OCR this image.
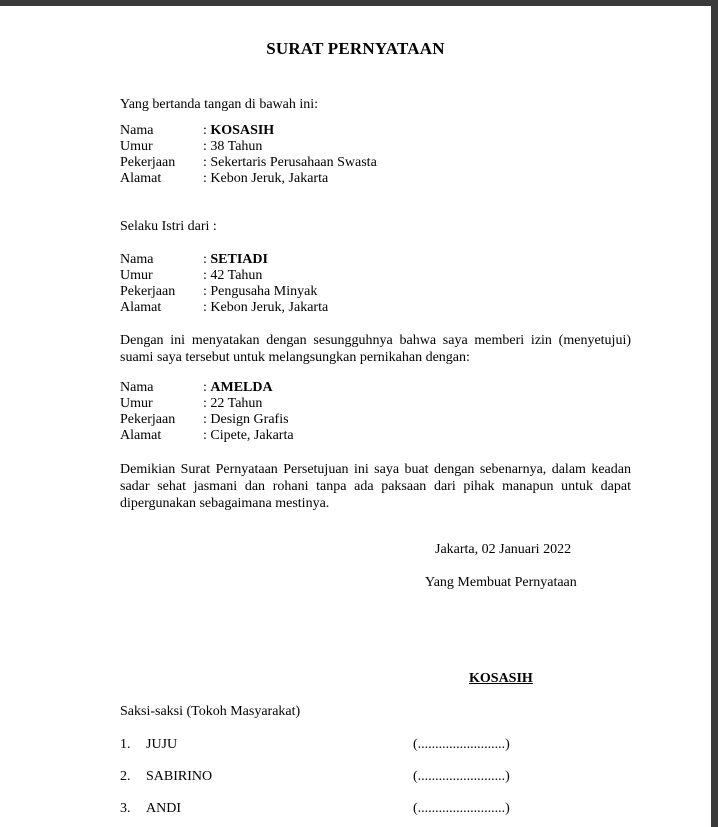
SURAT PERNYATAAN
Yang bertanda tangan di bawah ini:
Nama	: KOSASIH
Umur	: 38 Tahun
Pekerjaan : Sekertaris Perusahaan Swasta
Alamat	: Kebon Jeruk, Jakarta
Selaku Istri dari :
Nama	: SETIADI
Umur	: 42 Tahun
Pekerjaan : Pengusaha Minyak
Alamat	: Kebon Jeruk, Jakarta
Dengan ini menyatakan dengan sesungguhnya bahwa saya memberi izin (menyetujui) suami saya tersebut untuk melangsungkan pernikahan dengan:
Nama	: AMELDA
Umur	: 22 Tahun
Pekerjaan : Design Grafis
Alamat	: Cipete, Jakarta
Demikian Surat Pernyataan Persetujuan ini saya buat dengan sebenarnya, dalam keadan sadar sehat jasmani dan rohani tanpa ada paksaan dari pihak manapun untuk dapat dipergunakan sebagaimana mestinya.
Jakarta, 02 Januari 2022
Yang Membuat Pernyataan
KOSASIH
Saksi-saksi (Tokoh Masyarakat)
1. JUJU	(.........................)
2. SABIRINO	(.........................)
3. ANDI	(.........................)
